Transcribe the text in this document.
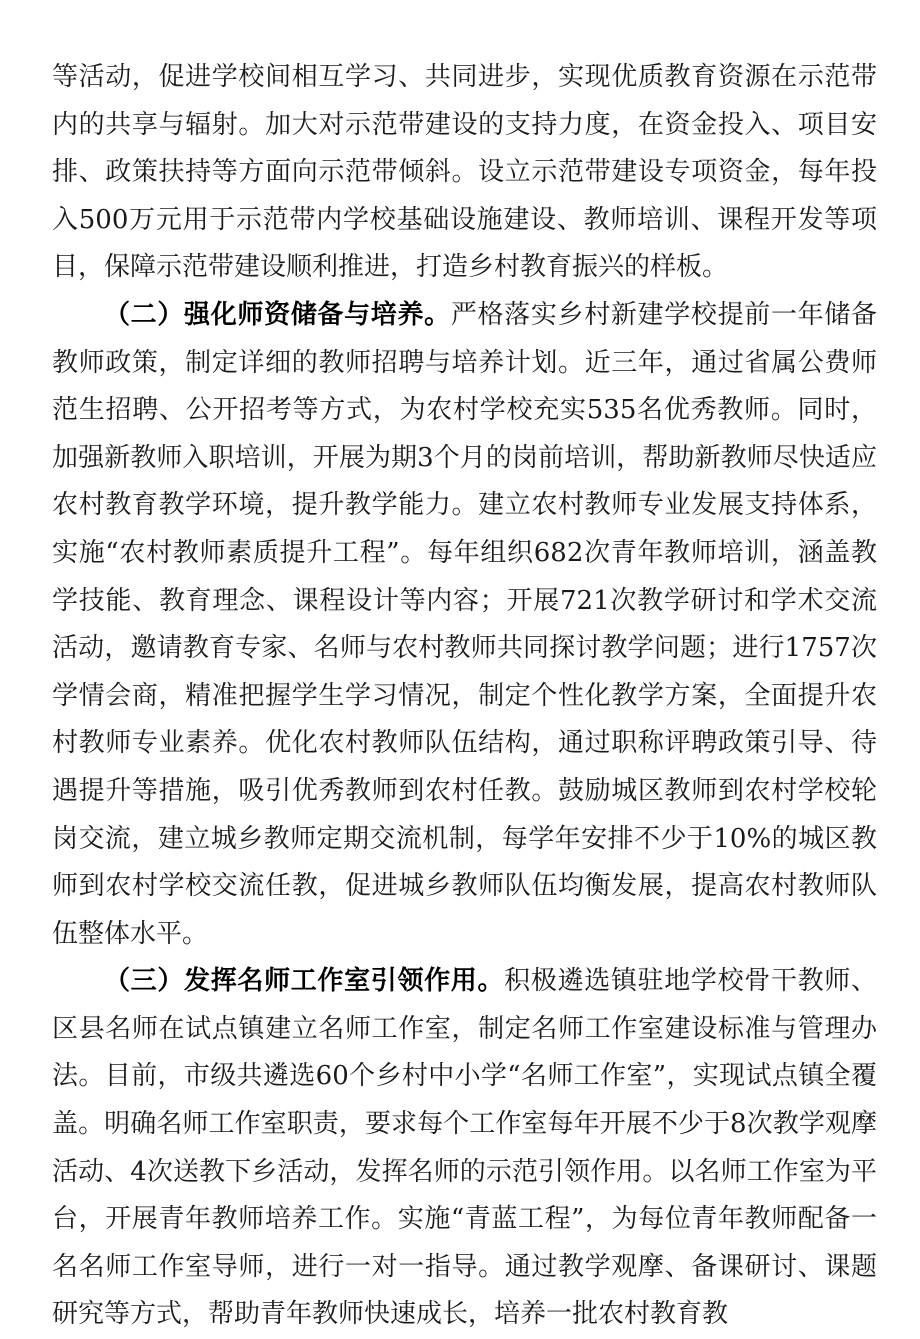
等活动，促进学校间相互学习、共同进步，实现优质教育资源在示范带内的共享与辐射。加大对示范带建设的支持力度，在资金投入、项目安排、政策扶持等方面向示范带倾斜。设立示范带建设专项资金，每年投入500万元用于示范带内学校基础设施建设、教师培训、课程开发等项目，保障示范带建设顺利推进，打造乡村教育振兴的样板。

（二）强化师资储备与培养。严格落实乡村新建学校提前一年储备教师政策，制定详细的教师招聘与培养计划。近三年，通过省属公费师范生招聘、公开招考等方式，为农村学校充实535名优秀教师。同时，加强新教师入职培训，开展为期3个月的岗前培训，帮助新教师尽快适应农村教育教学环境，提升教学能力。建立农村教师专业发展支持体系，实施“农村教师素质提升工程”。每年组织682次青年教师培训，涵盖教学技能、教育理念、课程设计等内容；开展721次教学研讨和学术交流活动，邀请教育专家、名师与农村教师共同探讨教学问题；进行1757次学情会商，精准把握学生学习情况，制定个性化教学方案，全面提升农村教师专业素养。优化农村教师队伍结构，通过职称评聘政策引导、待遇提升等措施，吸引优秀教师到农村任教。鼓励城区教师到农村学校轮岗交流，建立城乡教师定期交流机制，每学年安排不少于10%的城区教师到农村学校交流任教，促进城乡教师队伍均衡发展，提高农村教师队伍整体水平。

（三）发挥名师工作室引领作用。积极遴选镇驻地学校骨干教师、区县名师在试点镇建立名师工作室，制定名师工作室建设标准与管理办法。目前，市级共遴选60个乡村中小学“名师工作室”，实现试点镇全覆盖。明确名师工作室职责，要求每个工作室每年开展不少于8次教学观摩活动、4次送教下乡活动，发挥名师的示范引领作用。以名师工作室为平台，开展青年教师培养工作。实施“青蓝工程”，为每位青年教师配备一名名师工作室导师，进行一对一指导。通过教学观摩、备课研讨、课题研究等方式，帮助青年教师快速成长，培养一批农村教育教
